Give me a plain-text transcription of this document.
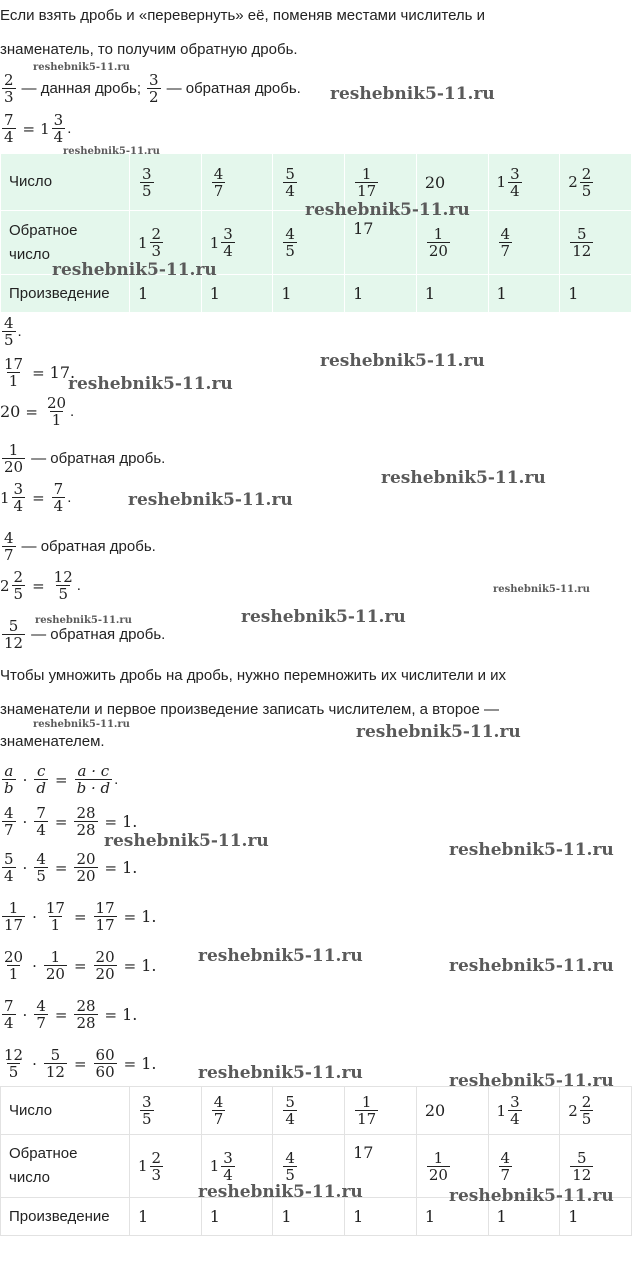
Если взять дробь и «перевернуть» её, поменяв местами числитель и

знаменатель, то получим обратную дробь.

$\frac{2}{3}$ — данная дробь; $\frac{3}{2}$ — обратная дробь.
$\frac{7}{4} = 1 \frac{3}{4}$ .
Число	$\frac{3}{5}$	$\frac{4}{7}$	$\frac{5}{4}$	$\frac{1}{17}$	20	$1 \frac{3}{4}$	$2 \frac{2}{5}$

Обратное
число	$1 \frac{2}{3}$	$1 \frac{3}{4}$	$\frac{4}{5}$	17	$\frac{1}{20}$	$\frac{4}{7}$	$\frac{5}{12}$

Произведение	1	1	1	1	1	1	1
$\frac{4}{5}$ .
$\frac{17}{1} = 17$.
$20 = \frac{20}{1}$ .
$\frac{1}{20}$ — обратная дробь.
$1 \frac{3}{4} = \frac{7}{4}$ .
$\frac{4}{7}$ — обратная дробь.
$2 \frac{2}{5} = \frac{12}{5}$ .
$\frac{5}{12}$ — обратная дробь.

Чтобы умножить дробь на дробь, нужно перемножить их числители и их

знаменатели и первое произведение записать числителем, а второе —

знаменателем.

$\frac{a}{b} \cdot \frac{c}{d} = \frac{a \cdot c}{b \cdot d}$ .
$\frac{4}{7} \cdot \frac{7}{4} = \frac{28}{28} = 1$.
$\frac{5}{4} \cdot \frac{4}{5} = \frac{20}{20} = 1$.
$\frac{1}{17} \cdot \frac{17}{1} = \frac{17}{17} = 1$.
$\frac{20}{1} \cdot \frac{1}{20} = \frac{20}{20} = 1$.
$\frac{7}{4} \cdot \frac{4}{7} = \frac{28}{28} = 1$.
$\frac{12}{5} \cdot \frac{5}{12} = \frac{60}{60} = 1$.
Число	$\frac{3}{5}$	$\frac{4}{7}$	$\frac{5}{4}$	$\frac{1}{17}$	20	$1 \frac{3}{4}$	$2 \frac{2}{5}$

Обратное
число	$1 \frac{2}{3}$	$1 \frac{3}{4}$	$\frac{4}{5}$	17	$\frac{1}{20}$	$\frac{4}{7}$	$\frac{5}{12}$

Произведение	1	1	1	1	1	1	1
reshebnik5-11.ru
reshebnik5-11.ru
reshebnik5-11.ru
reshebnik5-11.ru
reshebnik5-11.ru
reshebnik5-11.ru
reshebnik5-11.ru
reshebnik5-11.ru
reshebnik5-11.ru
reshebnik5-11.ru
reshebnik5-11.ru
reshebnik5-11.ru
reshebnik5-11.ru	reshebnik5-11.ru
reshebnik5-11.ru	reshebnik5-11.ru
reshebnik5-11.ru	reshebnik5-11.ru
reshebnik5-11.ru	reshebnik5-11.ru
reshebnik5-11.ru	reshebnik5-11.ru
